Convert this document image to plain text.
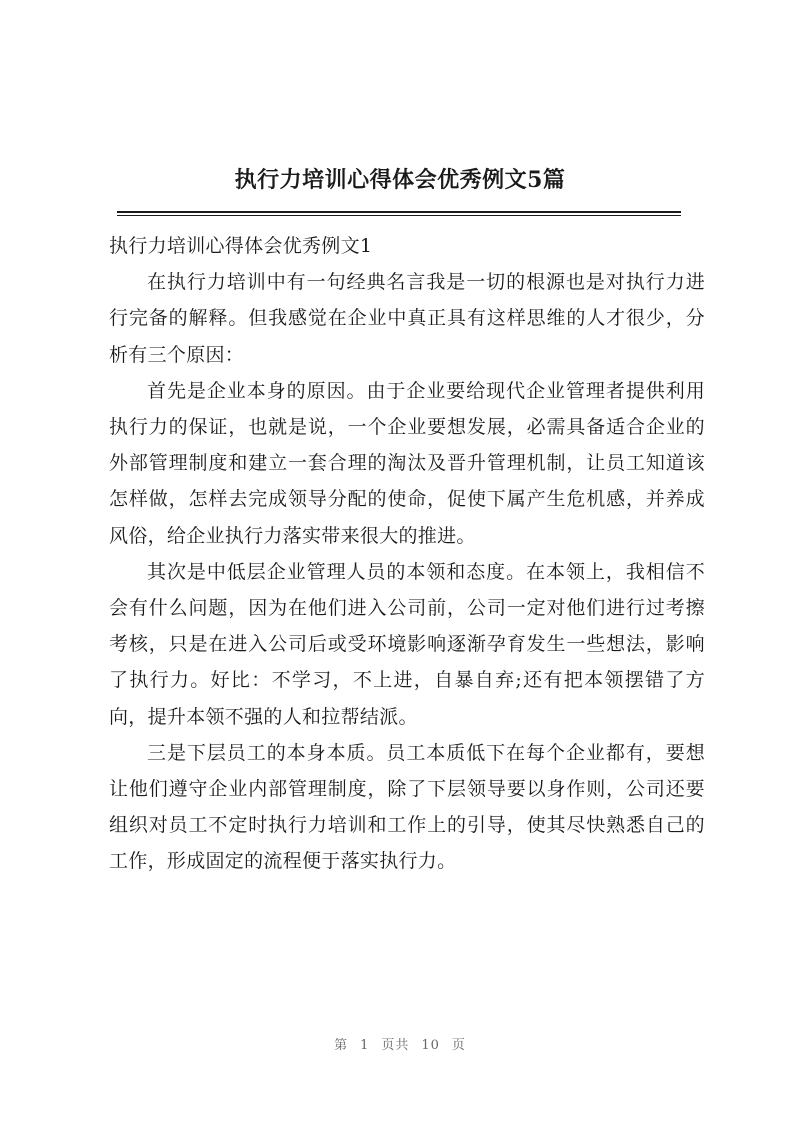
执行力培训心得体会优秀例文5篇

执行力培训心得体会优秀例文1

在执行力培训中有一句经典名言我是一切的根源也是对执行力进行完备的解释。但我感觉在企业中真正具有这样思维的人才很少，分析有三个原因：

首先是企业本身的原因。由于企业要给现代企业管理者提供利用执行力的保证，也就是说，一个企业要想发展，必需具备适合企业的外部管理制度和建立一套合理的淘汰及晋升管理机制，让员工知道该怎样做，怎样去完成领导分配的使命，促使下属产生危机感，并养成风俗，给企业执行力落实带来很大的推进。

其次是中低层企业管理人员的本领和态度。在本领上，我相信不会有什么问题，因为在他们进入公司前，公司一定对他们进行过考擦考核，只是在进入公司后或受环境影响逐渐孕育发生一些想法，影响了执行力。好比：不学习，不上进，自暴自弃;还有把本领摆错了方向，提升本领不强的人和拉帮结派。

三是下层员工的本身本质。员工本质低下在每个企业都有，要想让他们遵守企业内部管理制度，除了下层领导要以身作则，公司还要组织对员工不定时执行力培训和工作上的引导，使其尽快熟悉自己的工作，形成固定的流程便于落实执行力。

第 1 页共 10 页
